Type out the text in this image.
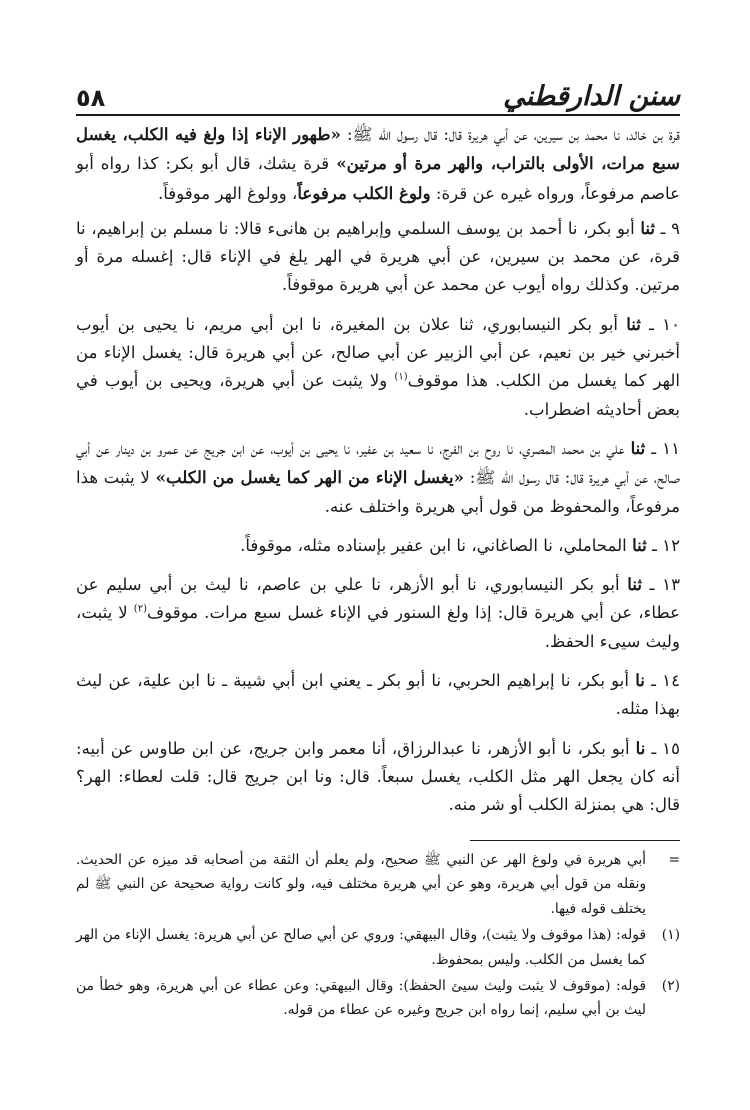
سنن الدارقطني
٥٨

قرة بن خالد، نا محمد بن سيرين، عن أبي هريرة قال: قال رسول الله ﷺ: «طهور الإناء إذا ولغ فيه الكلب، يغسل سبع مرات، الأولى بالتراب، والهر مرة أو مرتين» قرة يشك، قال أبو بكر: كذا رواه أبو عاصم مرفوعاً، ورواه غيره عن قرة: ولوغ الكلب مرفوعاً، وولوغ الهر موقوفاً.

٩ ـ ثنا أبو بكر، نا أحمد بن يوسف السلمي وإبراهيم بن هانىء قالا: نا مسلم بن إبراهيم، نا قرة، عن محمد بن سيرين، عن أبي هريرة في الهر يلغ في الإناء قال: إغسله مرة أو مرتين. وكذلك رواه أيوب عن محمد عن أبي هريرة موقوفاً.

١٠ ـ ثنا أبو بكر النيسابوري، ثنا علان بن المغيرة، نا ابن أبي مريم، نا يحيى بن أيوب أخبرني خير بن نعيم، عن أبي الزبير عن أبي صالح، عن أبي هريرة قال: يغسل الإناء من الهر كما يغسل من الكلب. هذا موقوف$^{(١)}$ ولا يثبت عن أبي هريرة، ويحيى بن أيوب في بعض أحاديثه اضطراب.

١١ ـ ثنا علي بن محمد المصري، نا روح بن الفرج، نا سعيد بن عفير، نا يحيى بن أيوب، عن ابن جريج عن عمرو بن دينار عن أبي صالح، عن أبي هريرة قال: قال رسول الله ﷺ: «يغسل الإناء من الهر كما يغسل من الكلب» لا يثبت هذا مرفوعاً، والمحفوظ من قول أبي هريرة واختلف عنه.

١٢ ـ ثنا المحاملي، نا الصاغاني، نا ابن عفير بإسناده مثله، موقوفاً.

١٣ ـ ثنا أبو بكر النيسابوري، نا أبو الأزهر، نا علي بن عاصم، نا ليث بن أبي سليم عن عطاء، عن أبي هريرة قال: إذا ولغ السنور في الإناء غسل سبع مرات. موقوف$^{(٢)}$ لا يثبت، وليث سيىء الحفظ.

١٤ ـ نا أبو بكر، نا إبراهيم الحربي، نا أبو بكر ـ يعني ابن أبي شيبة ـ نا ابن علية، عن ليث بهذا مثله.

١٥ ـ نا أبو بكر، نا أبو الأزهر، نا عبدالرزاق، أنا معمر وابن جريج، عن ابن طاوس عن أبيه: أنه كان يجعل الهر مثل الكلب، يغسل سبعاً. قال: ونا ابن جريج قال: قلت لعطاء: الهر؟ قال: هي بمنزلة الكلب أو شر منه.

=
أبي هريرة في ولوغ الهر عن النبي ﷺ صحيح، ولم يعلم أن الثقة من أصحابه قد ميزه عن الحديث. ونقله من قول أبي هريرة، وهو عن أبي هريرة مختلف فيه، ولو كانت رواية صحيحة عن النبي ﷺ لم يختلف قوله فيها.
(١)
قوله: (هذا موقوف ولا يثبت)، وقال البيهقي: وروي عن أبي صالح عن أبي هريرة: يغسل الإناء من الهر كما يغسل من الكلب. وليس بمحفوظ.
(٢)
قوله: (موقوف لا يثبت وليث سيئ الحفظ): وقال البيهقي: وعن عطاء عن أبي هريرة، وهو خطأ من ليث بن أبي سليم، إنما رواه ابن جريج وغيره عن عطاء من قوله.
